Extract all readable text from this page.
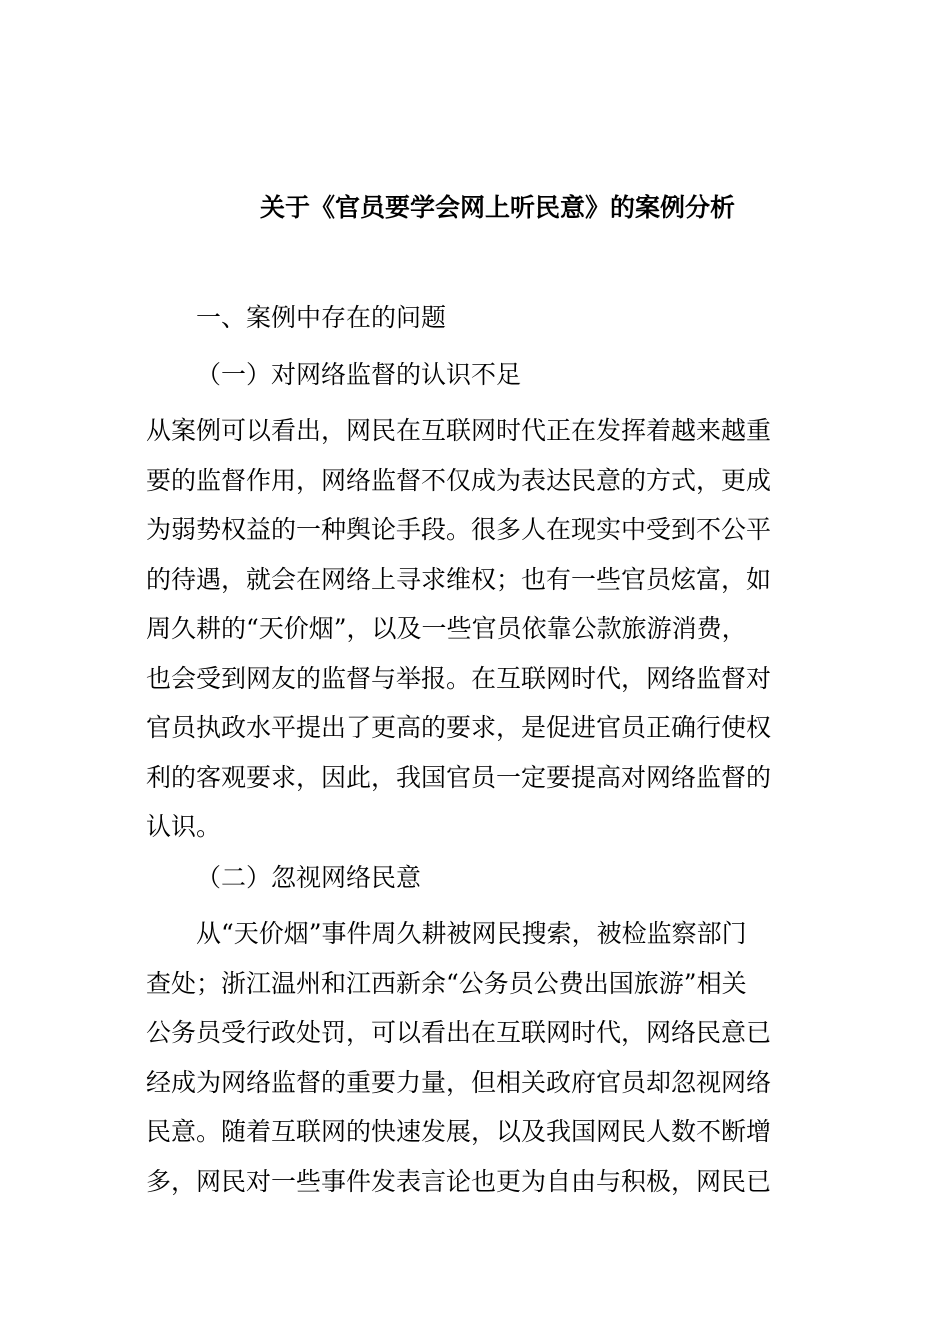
关于《官员要学会网上听民意》的案例分析

一、案例中存在的问题

（一）对网络监督的认识不足

从案例可以看出，网民在互联网时代正在发挥着越来越重
要的监督作用，网络监督不仅成为表达民意的方式，更成
为弱势权益的一种舆论手段。很多人在现实中受到不公平
的待遇，就会在网络上寻求维权；也有一些官员炫富，如
周久耕的“天价烟”，以及一些官员依靠公款旅游消费，
也会受到网友的监督与举报。在互联网时代，网络监督对
官员执政水平提出了更高的要求，是促进官员正确行使权
利的客观要求，因此，我国官员一定要提高对网络监督的
认识。

（二）忽视网络民意

从“天价烟”事件周久耕被网民搜索，被检监察部门
查处；浙江温州和江西新余“公务员公费出国旅游”相关
公务员受行政处罚，可以看出在互联网时代，网络民意已
经成为网络监督的重要力量，但相关政府官员却忽视网络
民意。随着互联网的快速发展，以及我国网民人数不断增
多，网民对一些事件发表言论也更为自由与积极，网民已
